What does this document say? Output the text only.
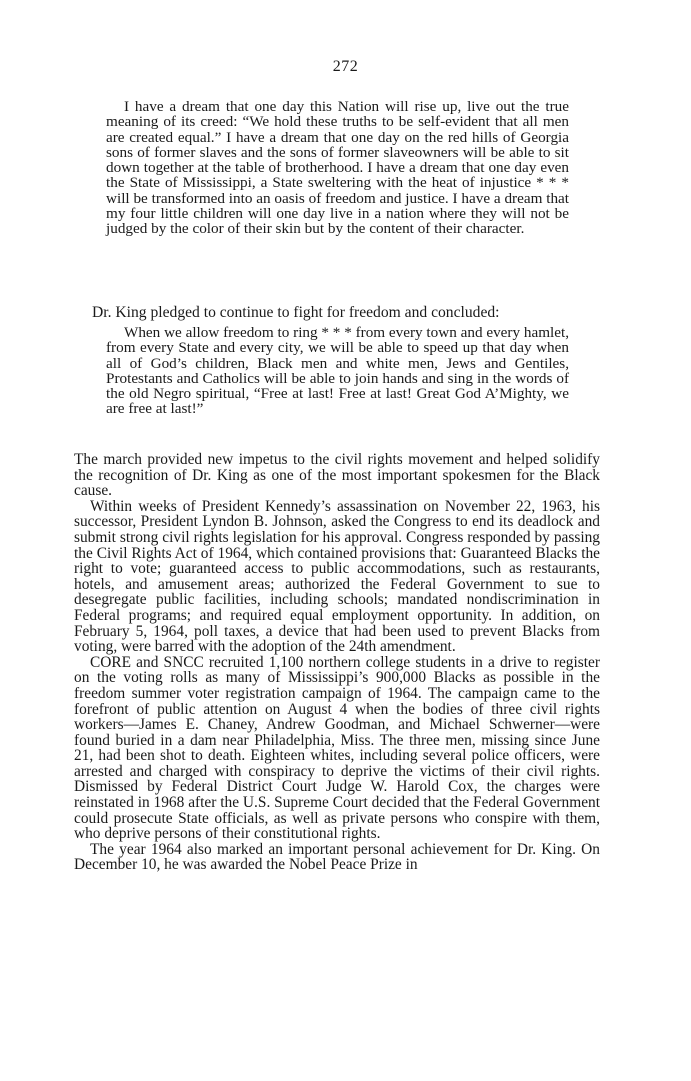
272

I have a dream that one day this Nation will rise up, live out the true meaning of its creed: “We hold these truths to be self-evident that all men are created equal.” I have a dream that one day on the red hills of Georgia sons of former slaves and the sons of former slaveowners will be able to sit down together at the table of brotherhood. I have a dream that one day even the State of Mississippi, a State sweltering with the heat of injustice * * * will be transformed into an oasis of freedom and justice. I have a dream that my four little children will one day live in a nation where they will not be judged by the color of their skin but by the content of their character.

Dr. King pledged to continue to fight for freedom and concluded:

When we allow freedom to ring * * * from every town and every hamlet, from every State and every city, we will be able to speed up that day when all of God’s children, Black men and white men, Jews and Gentiles, Protestants and Catholics will be able to join hands and sing in the words of the old Negro spiritual, “Free at last! Free at last! Great God A’Mighty, we are free at last!”

The march provided new impetus to the civil rights movement and helped solidify the recognition of Dr. King as one of the most important spokesmen for the Black cause.

Within weeks of President Kennedy’s assassination on November 22, 1963, his successor, President Lyndon B. Johnson, asked the Congress to end its deadlock and submit strong civil rights legislation for his approval. Congress responded by passing the Civil Rights Act of 1964, which contained provisions that: Guaranteed Blacks the right to vote; guaranteed access to public accommodations, such as restaurants, hotels, and amusement areas; authorized the Federal Government to sue to desegregate public facilities, including schools; mandated nondiscrimination in Federal programs; and required equal employment opportunity. In addition, on February 5, 1964, poll taxes, a device that had been used to prevent Blacks from voting, were barred with the adoption of the 24th amendment.

CORE and SNCC recruited 1,100 northern college students in a drive to register on the voting rolls as many of Mississippi’s 900,000 Blacks as possible in the freedom summer voter registration campaign of 1964. The campaign came to the forefront of public attention on August 4 when the bodies of three civil rights workers—James E. Chaney, Andrew Goodman, and Michael Schwerner—were found buried in a dam near Philadelphia, Miss. The three men, missing since June 21, had been shot to death. Eighteen whites, including several police officers, were arrested and charged with conspiracy to deprive the victims of their civil rights. Dismissed by Federal District Court Judge W. Harold Cox, the charges were reinstated in 1968 after the U.S. Supreme Court decided that the Federal Government could prosecute State officials, as well as private persons who conspire with them, who deprive persons of their constitutional rights.

The year 1964 also marked an important personal achievement for Dr. King. On December 10, he was awarded the Nobel Peace Prize in
